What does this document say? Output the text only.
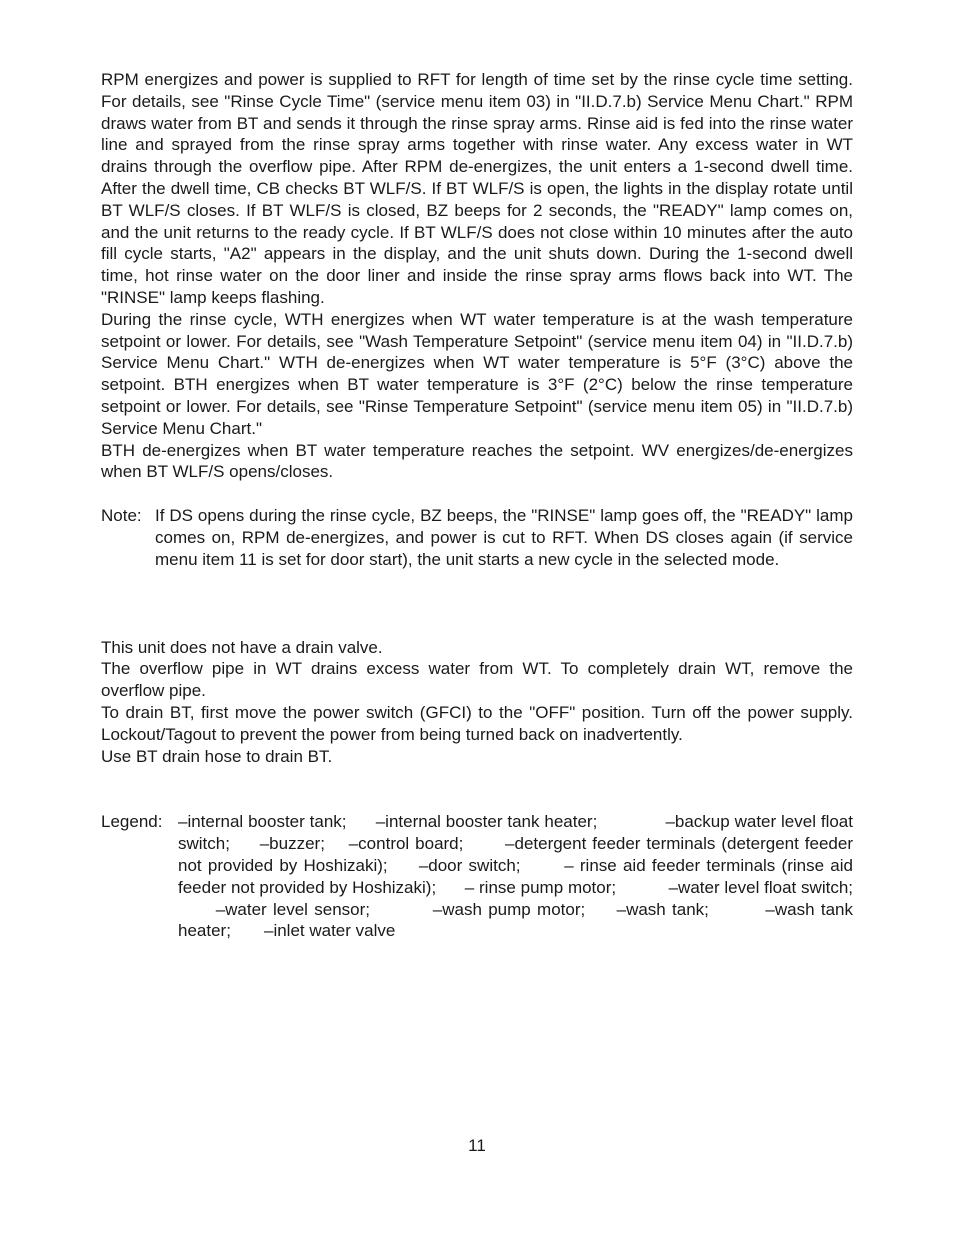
RPM energizes and power is supplied to RFT for length of time set by the rinse cycle time setting. For details, see "Rinse Cycle Time" (service menu item 03) in "II.D.7.b) Service Menu Chart." RPM draws water from BT and sends it through the rinse spray arms. Rinse aid is fed into the rinse water line and sprayed from the rinse spray arms together with rinse water. Any excess water in WT drains through the overflow pipe. After RPM de-energizes, the unit enters a 1-second dwell time. After the dwell time, CB checks BT WLF/S. If BT WLF/S is open, the lights in the display rotate until BT WLF/S closes. If BT WLF/S is closed, BZ beeps for 2 seconds, the "READY" lamp comes on, and the unit returns to the ready cycle. If BT WLF/S does not close within 10 minutes after the auto fill cycle starts, "A2" appears in the display, and the unit shuts down. During the 1-second dwell time, hot rinse water on the door liner and inside the rinse spray arms flows back into WT. The "RINSE" lamp keeps flashing.

During the rinse cycle, WTH energizes when WT water temperature is at the wash temperature setpoint or lower. For details, see "Wash Temperature Setpoint" (service menu item 04) in "II.D.7.b) Service Menu Chart." WTH de-energizes when WT water temperature is 5°F (3°C) above the setpoint. BTH energizes when BT water temperature is 3°F (2°C) below the rinse temperature setpoint or lower. For details, see "Rinse Temperature Setpoint" (service menu item 05) in "II.D.7.b) Service Menu Chart."

BTH de-energizes when BT water temperature reaches the setpoint. WV energizes/de-energizes when BT WLF/S opens/closes.

Note: If DS opens during the rinse cycle, BZ beeps, the "RINSE" lamp goes off, the "READY" lamp comes on, RPM de-energizes, and power is cut to RFT. When DS closes again (if service menu item 11 is set for door start), the unit starts a new cycle in the selected mode.

This unit does not have a drain valve.

The overflow pipe in WT drains excess water from WT. To completely drain WT, remove the overflow pipe.

To drain BT, first move the power switch (GFCI) to the "OFF" position. Turn off the power supply. Lockout/Tagout to prevent the power from being turned back on inadvertently.

Use BT drain hose to drain BT.

Legend: –internal booster tank;      –internal booster tank heater;              –backup water level float switch;     –buzzer;    –control board;       –detergent feeder terminals (detergent feeder not provided by Hoshizaki);     –door switch;       – rinse aid feeder terminals (rinse aid feeder not provided by Hoshizaki);      – rinse pump motor;           –water level float switch;       –water level sensor;          –wash pump motor;     –wash tank;         –wash tank heater;       –inlet water valve
11
